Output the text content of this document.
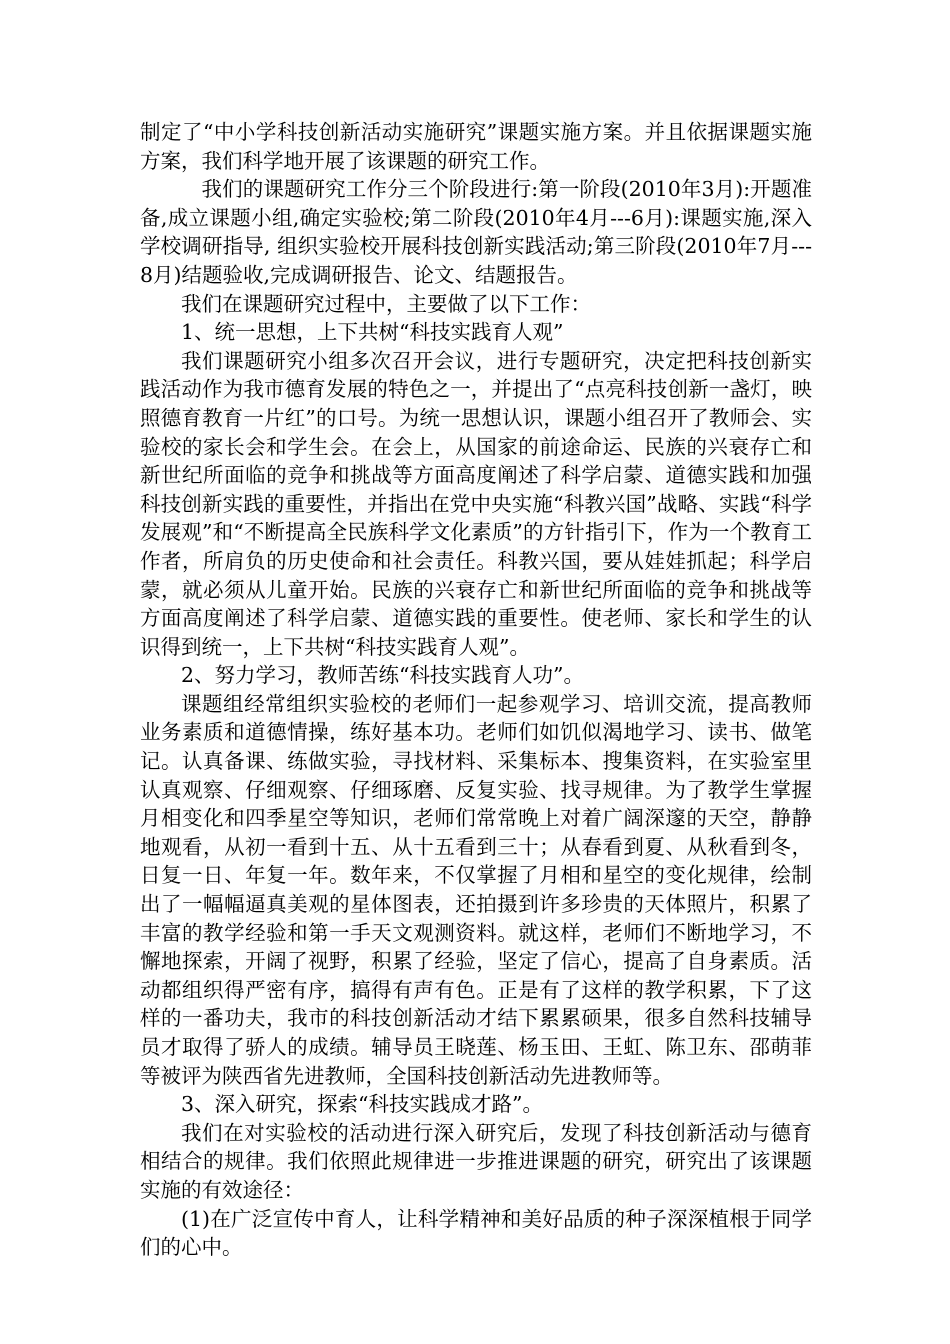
制定了“中小学科技创新活动实施研究”课题实施方案。并且依据课题实施方案，我们科学地开展了该课题的研究工作。

我们的课题研究工作分三个阶段进行:第一阶段(2010年3月):开题准备,成立课题小组,确定实验校;第二阶段(2010年4月---6月):课题实施,深入学校调研指导, 组织实验校开展科技创新实践活动;第三阶段(2010年7月---8月)结题验收,完成调研报告、论文、结题报告。

我们在课题研究过程中，主要做了以下工作：

1、统一思想，上下共树“科技实践育人观”

我们课题研究小组多次召开会议，进行专题研究，决定把科技创新实践活动作为我市德育发展的特色之一，并提出了“点亮科技创新一盏灯，映照德育教育一片红”的口号。为统一思想认识，课题小组召开了教师会、实验校的家长会和学生会。在会上，从国家的前途命运、民族的兴衰存亡和新世纪所面临的竞争和挑战等方面高度阐述了科学启蒙、道德实践和加强科技创新实践的重要性，并指出在党中央实施“科教兴国”战略、实践“科学发展观”和“不断提高全民族科学文化素质”的方针指引下，作为一个教育工作者，所肩负的历史使命和社会责任。科教兴国，要从娃娃抓起；科学启蒙，就必须从儿童开始。民族的兴衰存亡和新世纪所面临的竞争和挑战等方面高度阐述了科学启蒙、道德实践的重要性。使老师、家长和学生的认识得到统一，上下共树“科技实践育人观”。

2、努力学习，教师苦练“科技实践育人功”。

课题组经常组织实验校的老师们一起参观学习、培训交流，提高教师业务素质和道德情操，练好基本功。老师们如饥似渴地学习、读书、做笔记。认真备课、练做实验，寻找材料、采集标本、搜集资料，在实验室里认真观察、仔细观察、仔细琢磨、反复实验、找寻规律。为了教学生掌握月相变化和四季星空等知识，老师们常常晚上对着广阔深邃的天空，静静地观看，从初一看到十五、从十五看到三十；从春看到夏、从秋看到冬，日复一日、年复一年。数年来，不仅掌握了月相和星空的变化规律，绘制出了一幅幅逼真美观的星体图表，还拍摄到许多珍贵的天体照片，积累了丰富的教学经验和第一手天文观测资料。就这样，老师们不断地学习，不懈地探索，开阔了视野，积累了经验，坚定了信心，提高了自身素质。活动都组织得严密有序，搞得有声有色。正是有了这样的教学积累，下了这样的一番功夫，我市的科技创新活动才结下累累硕果，很多自然科技辅导员才取得了骄人的成绩。辅导员王晓莲、杨玉田、王虹、陈卫东、邵萌菲等被评为陕西省先进教师，全国科技创新活动先进教师等。

3、深入研究，探索“科技实践成才路”。

我们在对实验校的活动进行深入研究后，发现了科技创新活动与德育相结合的规律。我们依照此规律进一步推进课题的研究，研究出了该课题实施的有效途径：

(1)在广泛宣传中育人，让科学精神和美好品质的种子深深植根于同学们的心中。
